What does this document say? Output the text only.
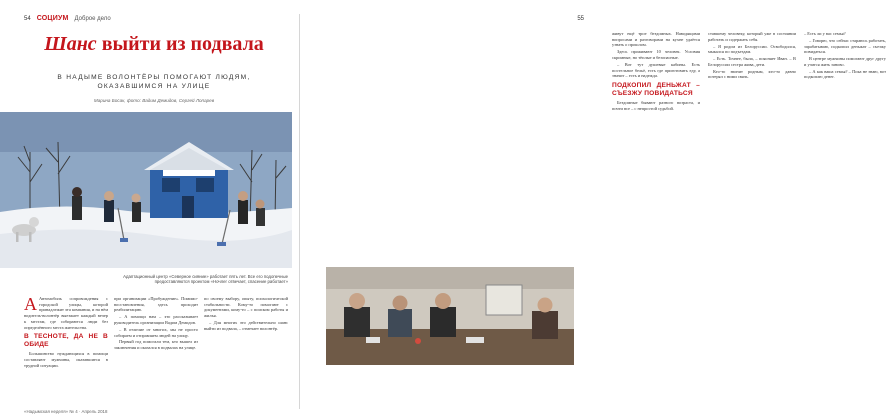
54 СОЦИУМ Доброе дело
Шанс выйти из подвала
В НАДЫМЕ ВОЛОНТЁРЫ ПОМОГАЮТ ЛЮДЯМ, ОКАЗАВШИМСЯ НА УЛИЦЕ
Марина Босак, фото: Вадим Демидов, Сергей Лопарев
Адаптационный центр «Северное сияние» работает пять лет. Все его подопечные предоставляются проектом «Ночлег отвечает, спасение работает»

А Автомобиль сопровождения с городской улицы, которой принадлежит эта компания, и на нём водитель-волонтёр выезжает каждый вечер к местам, где собираются люди без определённого места жительства.

В ТЕСНОТЕ, ДА НЕ В ОБИДЕ

Большинство нуждающихся в помощи составляют мужчины, оказавшиеся в трудной ситуации.

при организации «Пробуждение». Помимо-восстановления, здесь проходит реабилитацию.

– А помощи нам – это рассказывает руководитель организации Вадим Демидов.

– В отличие от многих, мы не просто собираем и отправляем людей на улицу.

Первый год помогали тем, кто вышел из заключения и оказался в подвалах на улице.

по своему выбору, опыту, психологической стабильности. Кому-то помогают с документами, кому-то – с поиском работы и жилья.

– Для многих это действительно шанс выйти из подвала, – отмечает волонтёр.

«Надымская неделя» № 4 · Апрель 2018
55

живут ещё трое бездомных. Наводящими вопросами и разговорами на кухне удаётся узнать о прошлом.

Здесь проживают 10 человек. Условия скромные, но тёплые и безопасные.

– Вот тут душевые кабины. Есть постельное бельё, есть где приготовить еду, а значит – есть и надежда.

ПОДКОПИЛ ДЕНЬЖАТ – СЪЕЗЖУ ПОВИДАТЬСЯ

Бездомные бывают разного возраста, и почти все – с непростой судьбой.

ставшему человеку, который уже в состоянии работать и содержать себя.

– Я родом из Белоруссии. Освободился, мыкался по подъездам.

– Есть. Точнее, была, – поясняет Иван. – В Белоруссии сестра жива, дети.

Кто-то звонит родным, кто-то давно потерял с ними связь.

– Есть ли у вас семья?

– Говорю, что сейчас стараюсь работать, зарабатываю, подкопил деньжат – съезжу повидаться.

В центре мужчины помогают друг другу и учатся жить заново.

– А как ваша семья? – Пока не знаю, вот подкоплю денег.
